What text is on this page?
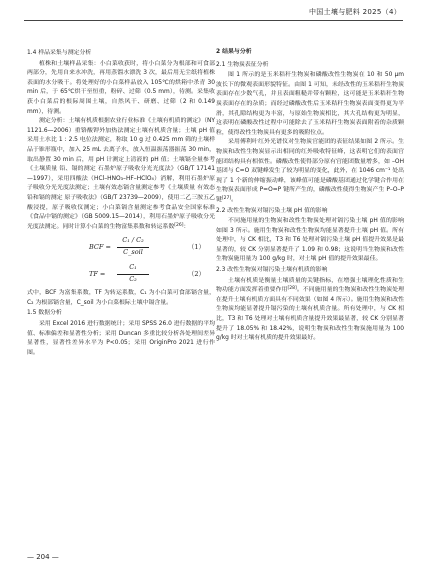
中国土壤与肥料 2025（4）
1.4 样品采集与测定分析

植株和土壤样品采集：小白菜收获时，将小白菜分为根部和可食部两部分，先用自来水冲洗，再用蒸馏水漂洗 3 次，最后用无尘纸将植株表面的水分吸干。将处理好的小白菜样品放入 105℃的烘箱中杀青 30 min 后，于 65℃烘干至恒重，粉碎、过筛（0.5 mm），待测。采集收获小白菜后的根际周围土壤，自然风干、研磨、过筛（2 和 0.149 mm），待测。

测定分析：土壤有机质根据农业行业标准《土壤有机质的测定》（NY 1121.6—2006）重铬酸钾外加热法测定土壤有机质含量；土壤 pH 值采用土水比 1 : 2.5 电位法测定，称取 10 g 过 0.425 mm 筛的土壤样品于锥形瓶中，加入 25 mL 去离子水，放入恒温振荡器振荡 30 min，取出静置 30 min 后，用 pH 计测定上清液的 pH 值；土壤镉全量参考《土壤质量 铅、镉的测定 石墨炉原子吸收分光光度法》（GB/T 17141—1997），采用四酸法（HCl–HNO₃–HF–HClO₄）消解，利用石墨炉原子吸收分光光度法测定；土壤有效态镉含量测定参考《土壤质量 有效态铅和镉的测定 原子吸收法》（GB/T 23739—2009），使用二乙三胺五乙酸浸提，原子吸收仪测定；小白菜镉含量测定参考食品安全国家标准《食品中镉的测定》（GB 5009.15—2014），利用石墨炉原子吸收分光光度法测定。同时计算小白菜的生物富集系数和转运系数[26]：

BCF =
C₁ / C₂
C_soil
（1）
TF = $\frac{\text{C₁}}{\text{C₂}}$	（2）

式中，BCF 为富集系数，TF 为转运系数，C₁ 为小白菜可食部镉含量，C₂ 为根部镉含量，C_soil 为小白菜根际土壤中镉含量。

1.5 数据分析

采用 Excel 2016 进行数据统计；采用 SPSS 26.0 进行数据的平均值、标准偏差和显著性分析；采用 Duncan 多重比较分析各处理间差异显著性，显著性差异水平为 P<0.05；采用 OriginPro 2021 进行作图。

2 结果与分析
2.1 生物炭表征分析

图 1 所示的是玉米秸秆生物炭和磷酸改性生物炭在 10 和 50 μm 波长下的微观表面形貌特征。由图 1 可知，未经改性的玉米秸秆生物炭表面存在少数气孔，并且表面粗糙并带有颗粒，这可能是玉米秸秆生物炭表面存在的杂质；而经过磷酸改性后玉米秸秆生物炭表面变得更为平滑，其孔隙结构更为丰富，与原始生物炭相比，其大孔结构更为明显，这表明在磷酸改性过程中可能除去了玉米秸秆生物炭表面附着的杂质颗粒，使得改性生物炭具有更多的吸附位点。

采用傅利叶红外光谱仪对生物炭官能团的表征结果如图 2 所示。生物炭和改性生物炭显示出相同的红外吸收特征峰，这表明它们的表面官能团结构具有相似性。磷酸改性使得部分原有官能团数量增多，如 –OH 基团与 C=O 双键峰发生了较为明显的变化，此外，在 1046 cm⁻¹ 处出现了 1 个新的伸缩振动峰，该峰值可能是磷酸基团通过化学键合作用在生物炭表面形成 P=O=P 键所产生的，磷酸改性使得生物炭产生 P–O–P 键[27]。

2.2 改性生物炭对镉污染土壤 pH 值的影响

不同施用量的生物炭和改性生物炭处理对镉污染土壤 pH 值的影响如图 3 所示。施用生物炭和改性生物炭均能显著提升土壤 pH 值。所有处理中，与 CK 相比，T3 和 T6 处理对镉污染土壤 pH 值提升效果是最显著的，较 CK 分别显著提升了 1.09 和 0.98；这说明当生物炭和改性生物炭施用量为 100 g/kg 时，对土壤 pH 值的提升效果最佳。

2.3 改性生物炭对镉污染土壤有机质的影响

土壤有机质是衡量土壤质量的关键指标，在增强土壤理化性质和生物功能方面发挥着重要作用[28]。不同施用量的生物炭和改性生物炭处理在提升土壤有机质方面具有不同效果（如图 4 所示）。施用生物炭和改性生物炭均能显著提升镉污染的土壤有机质含量。所有处理中，与 CK 相比，T3 和 T6 处理对土壤有机质含量提升效果最显著，较 CK 分别显著提升了 18.05% 和 18.42%，说明生物炭和改性生物炭施用量为 100 g/kg 时对土壤有机质的提升效果最好。

— 204 —
